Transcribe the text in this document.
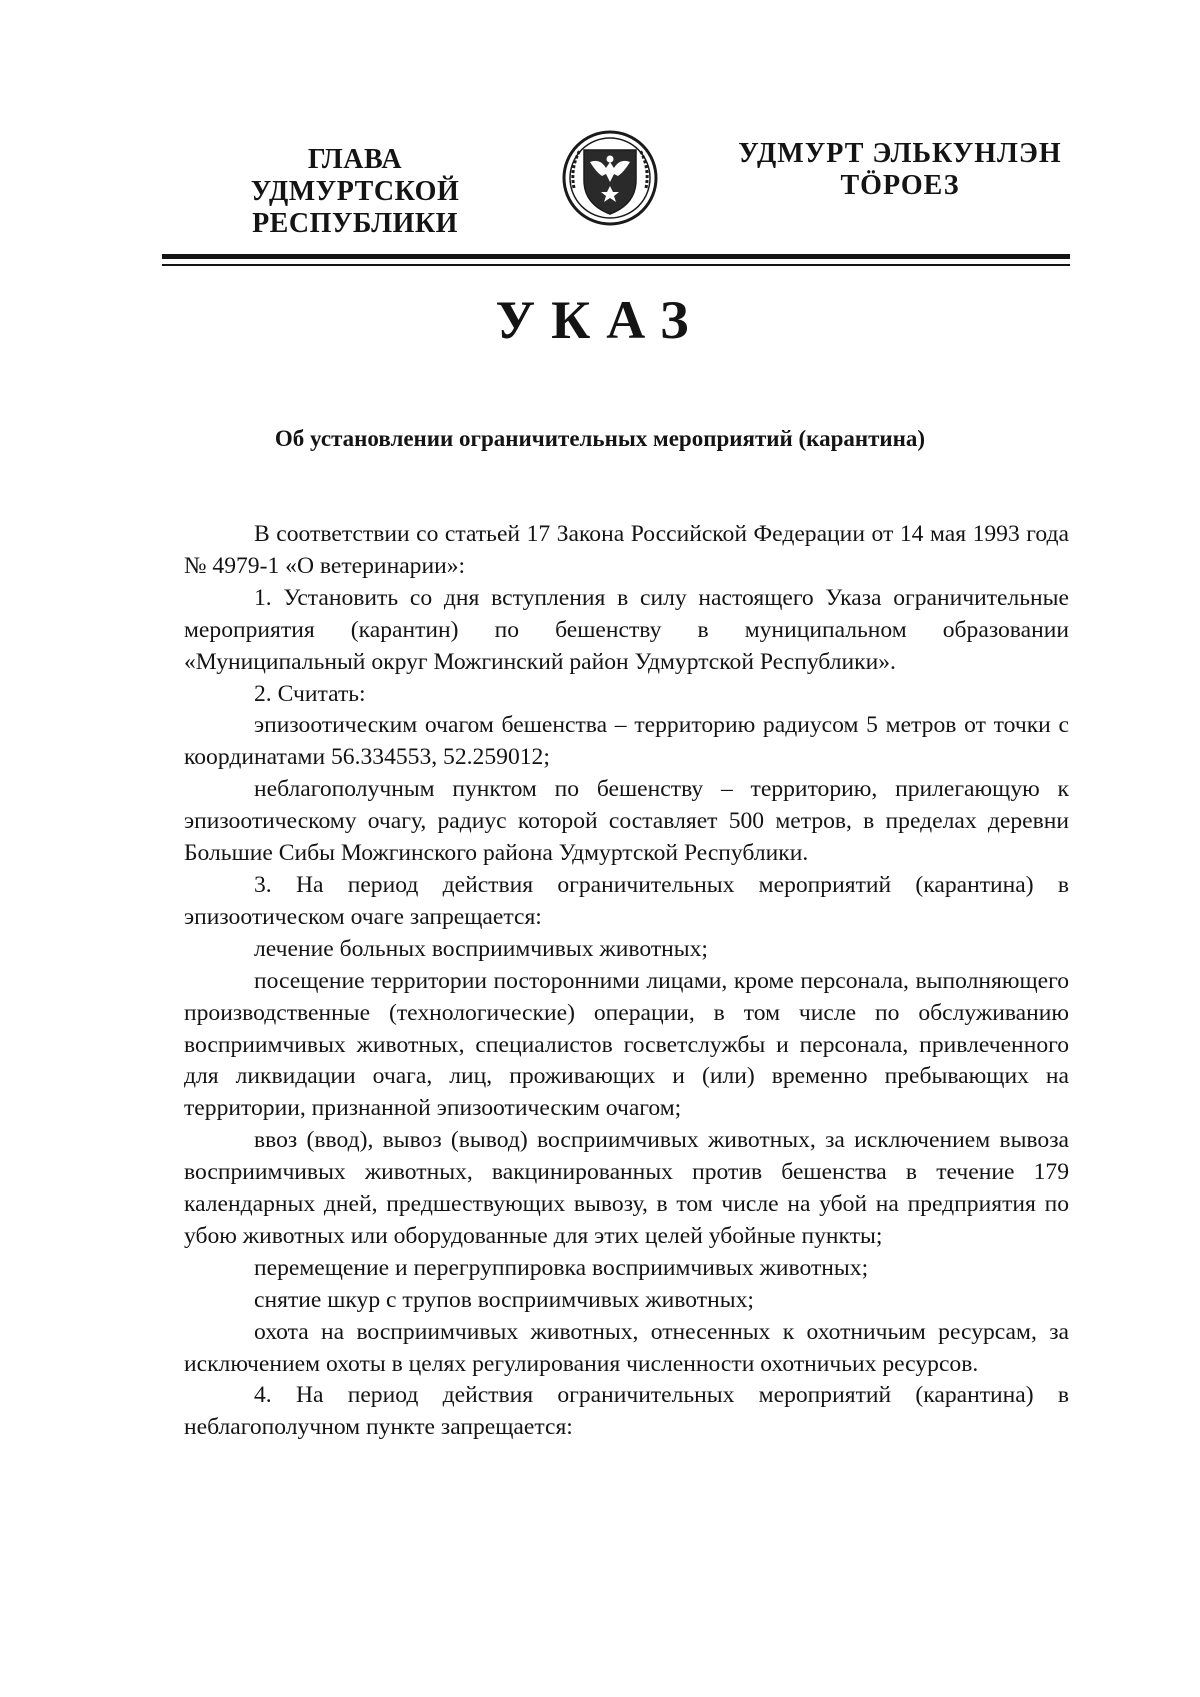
ГЛАВА
УДМУРТСКОЙ РЕСПУБЛИКИ
УДМУРТ ЭЛЬКУНЛЭН
ТӦРОЕЗ
УКАЗ
Об установлении ограничительных мероприятий (карантина)

В соответствии со статьей 17 Закона Российской Федерации от 14 мая 1993 года № 4979-1 «О ветеринарии»:

1. Установить со дня вступления в силу настоящего Указа ограничительные мероприятия (карантин) по бешенству в муниципальном образовании «Муниципальный округ Можгинский район Удмуртской Республики».

2. Считать:

эпизоотическим очагом бешенства – территорию радиусом 5 метров от точки с координатами 56.334553, 52.259012;

неблагополучным пунктом по бешенству – территорию, прилегающую к эпизоотическому очагу, радиус которой составляет 500 метров, в пределах деревни Большие Сибы Можгинского района Удмуртской Республики.

3. На период действия ограничительных мероприятий (карантина) в эпизоотическом очаге запрещается:

лечение больных восприимчивых животных;

посещение территории посторонними лицами, кроме персонала, выполняющего производственные (технологические) операции, в том числе по обслуживанию восприимчивых животных, специалистов госветслужбы и персонала, привлеченного для ликвидации очага, лиц, проживающих и (или) временно пребывающих на территории, признанной эпизоотическим очагом;

ввоз (ввод), вывоз (вывод) восприимчивых животных, за исключением вывоза восприимчивых животных, вакцинированных против бешенства в течение 179 календарных дней, предшествующих вывозу, в том числе на убой на предприятия по убою животных или оборудованные для этих целей убойные пункты;

перемещение и перегруппировка восприимчивых животных;

снятие шкур с трупов восприимчивых животных;

охота на восприимчивых животных, отнесенных к охотничьим ресурсам, за исключением охоты в целях регулирования численности охотничьих ресурсов.

4. На период действия ограничительных мероприятий (карантина) в неблагополучном пункте запрещается:
